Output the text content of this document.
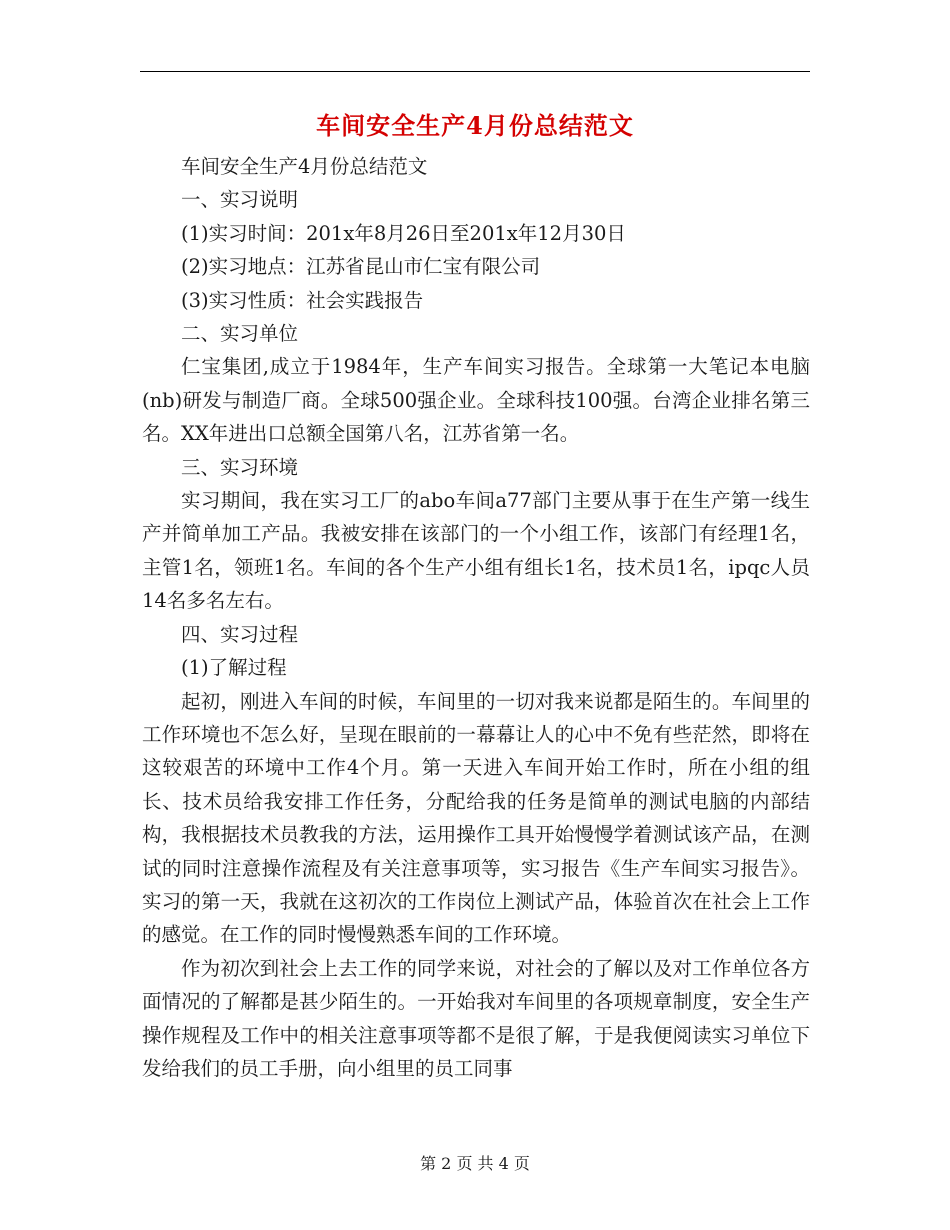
车间安全生产4月份总结范文

车间安全生产4月份总结范文

一、实习说明

(1)实习时间：201x年8月26日至201x年12月30日

(2)实习地点：江苏省昆山市仁宝有限公司

(3)实习性质：社会实践报告

二、实习单位

仁宝集团,成立于1984年，生产车间实习报告。全球第一大笔记本电脑(nb)研发与制造厂商。全球500强企业。全球科技100强。台湾企业排名第三名。XX年进出口总额全国第八名，江苏省第一名。

三、实习环境

实习期间，我在实习工厂的abo车间a77部门主要从事于在生产第一线生产并简单加工产品。我被安排在该部门的一个小组工作，该部门有经理1名，主管1名，领班1名。车间的各个生产小组有组长1名，技术员1名，ipqc人员14名多名左右。

四、实习过程

(1)了解过程

起初，刚进入车间的时候，车间里的一切对我来说都是陌生的。车间里的工作环境也不怎么好，呈现在眼前的一幕幕让人的心中不免有些茫然，即将在这较艰苦的环境中工作4个月。第一天进入车间开始工作时，所在小组的组长、技术员给我安排工作任务，分配给我的任务是简单的测试电脑的内部结构，我根据技术员教我的方法，运用操作工具开始慢慢学着测试该产品，在测试的同时注意操作流程及有关注意事项等，实习报告《生产车间实习报告》。实习的第一天，我就在这初次的工作岗位上测试产品，体验首次在社会上工作的感觉。在工作的同时慢慢熟悉车间的工作环境。

作为初次到社会上去工作的同学来说，对社会的了解以及对工作单位各方面情况的了解都是甚少陌生的。一开始我对车间里的各项规章制度，安全生产操作规程及工作中的相关注意事项等都不是很了解，于是我便阅读实习单位下发给我们的员工手册，向小组里的员工同事

第 2 页 共 4 页
